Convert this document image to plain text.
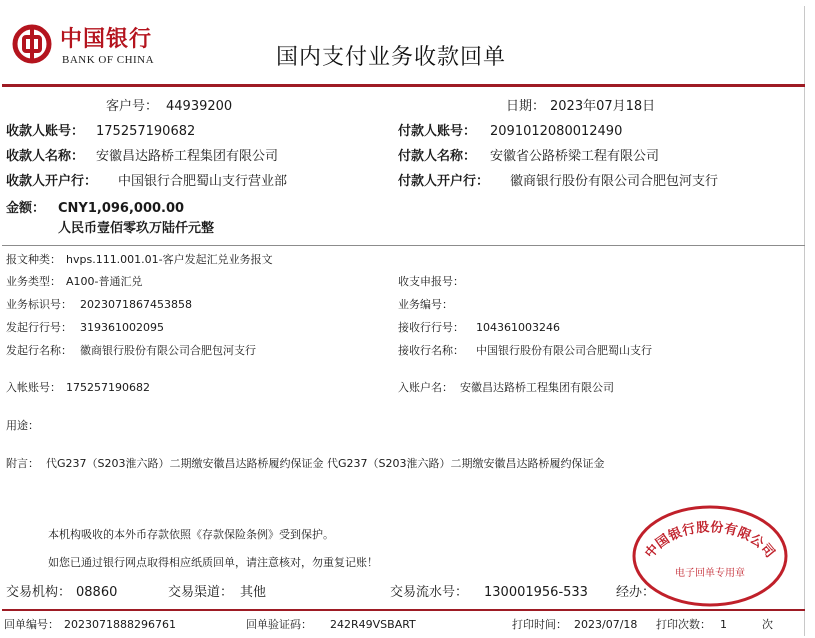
中国银行
BANK OF CHINA	国内支付业务收款回单
客户号： 44939200	日期： 2023年07月18日
收款人账号： 175257190682	付款人账号： 2091012080012490
收款人名称： 安徽昌达路桥工程集团有限公司	付款人名称： 安徽省公路桥梁工程有限公司
收款人开户行： 中国银行合肥蜀山支行营业部	付款人开户行： 徽商银行股份有限公司合肥包河支行
金额： CNY1,096,000.00
人民币壹佰零玖万陆仟元整
报文种类： hvps.111.001.01-客户发起汇兑业务报文
业务类型： A100-普通汇兑	收支申报号：
业务标识号： 2023071867453858	业务编号：
发起行行号： 319361002095	接收行行号： 104361003246
发起行名称： 徽商银行股份有限公司合肥包河支行	接收行名称： 中国银行股份有限公司合肥蜀山支行
入帐账号： 175257190682	入账户名： 安徽昌达路桥工程集团有限公司
用途：
附言： 代G237（S203淮六路）二期缴安徽昌达路桥履约保证金 代G237（S203淮六路）二期缴安徽昌达路桥履约保证金
本机构吸收的本外币存款依照《存款保险条例》受到保护。
如您已通过银行网点取得相应纸质回单，请注意核对，勿重复记账！
交易机构： 08860	交易渠道： 其他	交易流水号： 130001956-533 经办：
回单编号： 2023071888296761	回单验证码： 242R49VSBART	打印时间： 2023/07/18 打印次数： 1	次
中国银行股份有限公司
电子回单专用章
